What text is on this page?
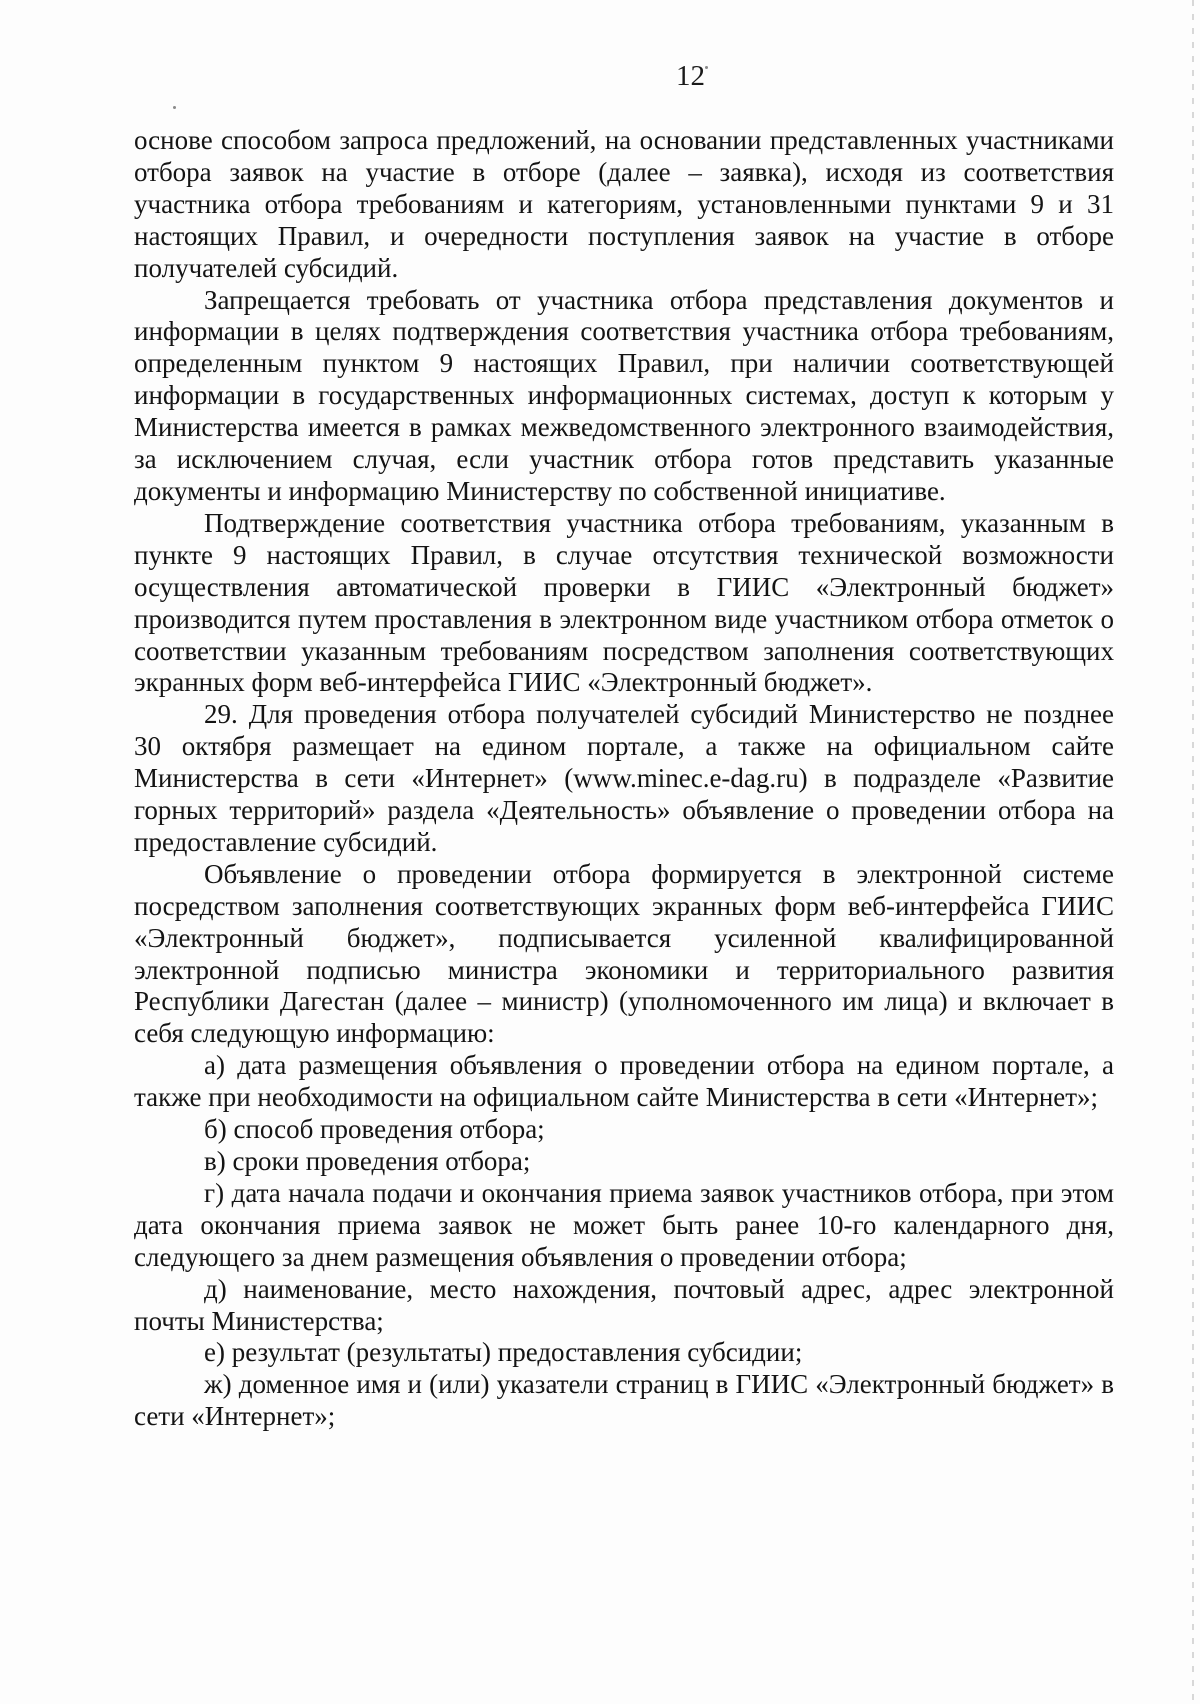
12

основе способом запроса предложений, на основании представленных участниками отбора заявок на участие в отборе (далее – заявка), исходя из соответствия участника отбора требованиям и категориям, установленными пунктами 9 и 31 настоящих Правил, и очередности поступления заявок на участие в отборе получателей субсидий.

Запрещается требовать от участника отбора представления документов и информации в целях подтверждения соответствия участника отбора требованиям, определенным пунктом 9 настоящих Правил, при наличии соответствующей информации в государственных информационных системах, доступ к которым у Министерства имеется в рамках межведомственного электронного взаимодействия, за исключением случая, если участник отбора готов представить указанные документы и информацию Министерству по собственной инициативе.

Подтверждение соответствия участника отбора требованиям, указанным в пункте 9 настоящих Правил, в случае отсутствия технической возможности осуществления автоматической проверки в ГИИС «Электронный бюджет» производится путем проставления в электронном виде участником отбора отметок о соответствии указанным требованиям посредством заполнения соответствующих экранных форм веб-интерфейса ГИИС «Электронный бюджет».

29. Для проведения отбора получателей субсидий Министерство не позднее 30 октября размещает на едином портале, а также на официальном сайте Министерства в сети «Интернет» (www.minec.e-dag.ru) в подразделе «Развитие горных территорий» раздела «Деятельность» объявление о проведении отбора на предоставление субсидий.

Объявление о проведении отбора формируется в электронной системе посредством заполнения соответствующих экранных форм веб-интерфейса ГИИС «Электронный бюджет», подписывается усиленной квалифицированной электронной подписью министра экономики и территориального развития Республики Дагестан (далее – министр) (уполномоченного им лица) и включает в себя следующую информацию:

а) дата размещения объявления о проведении отбора на едином портале, а также при необходимости на официальном сайте Министерства в сети «Интернет»;

б) способ проведения отбора;

в) сроки проведения отбора;

г) дата начала подачи и окончания приема заявок участников отбора, при этом дата окончания приема заявок не может быть ранее 10-го календарного дня, следующего за днем размещения объявления о проведении отбора;

д) наименование, место нахождения, почтовый адрес, адрес электронной почты Министерства;

е) результат (результаты) предоставления субсидии;

ж) доменное имя и (или) указатели страниц в ГИИС «Электронный бюджет» в сети «Интернет»;
